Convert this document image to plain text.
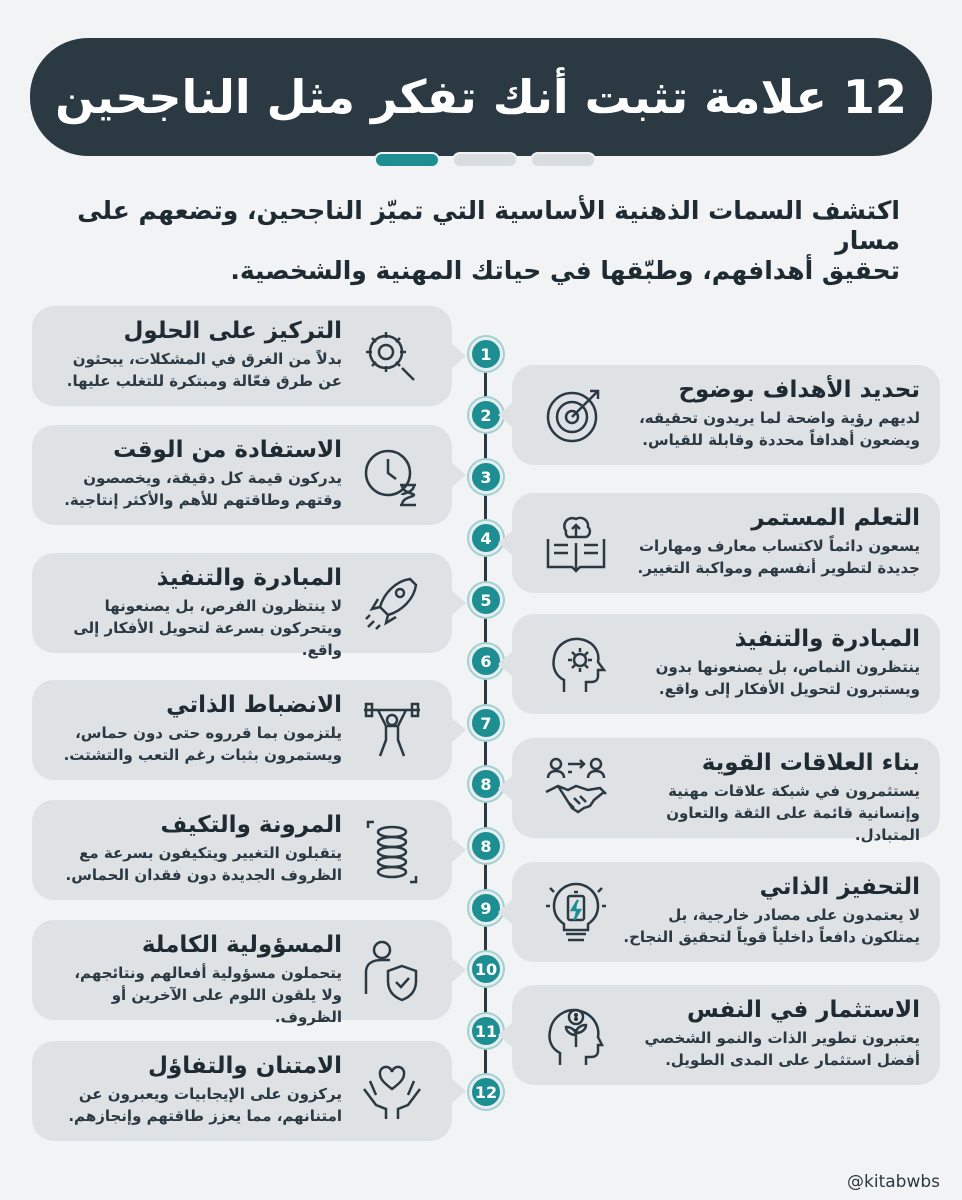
12 علامة تثبت أنك تفكر مثل الناجحين
اكتشف السمات الذهنية الأساسية التي تميّز الناجحين، وتضعهم على مسار
تحقيق أهدافهم، وطبّقها في حياتك المهنية والشخصية.
1
2
3
4
5
6
7
8
8
9
10
11
12
التركيز على الحلول
بدلاً من الغرق في المشكلات، يبحثون
عن طرق فعّالة ومبتكرة للتغلب عليها.
الاستفادة من الوقت
يدركون قيمة كل دقيقة، ويخصصون
وقتهم وطاقتهم للأهم والأكثر إنتاجية.
المبادرة والتنفيذ
لا ينتظرون الفرص، بل يصنعونها
ويتحركون بسرعة لتحويل الأفكار إلى واقع.
الانضباط الذاتي
يلتزمون بما قرروه حتى دون حماس،
ويستمرون بثبات رغم التعب والتشتت.
المرونة والتكيف
يتقبلون التغيير ويتكيفون بسرعة مع
الظروف الجديدة دون فقدان الحماس.
المسؤولية الكاملة
يتحملون مسؤولية أفعالهم ونتائجهم،
ولا يلقون اللوم على الآخرين أو الظروف.
الامتنان والتفاؤل
يركزون على الإيجابيات ويعبرون عن
امتنانهم، مما يعزز طاقتهم وإنجازهم.
تحديد الأهداف بوضوح
لديهم رؤية واضحة لما يريدون تحقيقه،
ويضعون أهدافاً محددة وقابلة للقياس.
التعلم المستمر
يسعون دائماً لاكتساب معارف ومهارات
جديدة لتطوير أنفسهم ومواكبة التغيير.
المبادرة والتنفيذ
ينتظرون النماص، بل يصنعونها بدون
ويستبرون لتحويل الأفكار إلى واقع.
بناء العلاقات القوية
يستثمرون في شبكة علاقات مهنية
وإنسانية قائمة على الثقة والتعاون المتبادل.
التحفيز الذاتي
لا يعتمدون على مصادر خارجية، بل
يمتلكون دافعاً داخلياً قوياً لتحقيق النجاح.
الاستثمار في النفس
يعتبرون تطوير الذات والنمو الشخصي
أفضل استثمار على المدى الطويل.
@kitabwbs
